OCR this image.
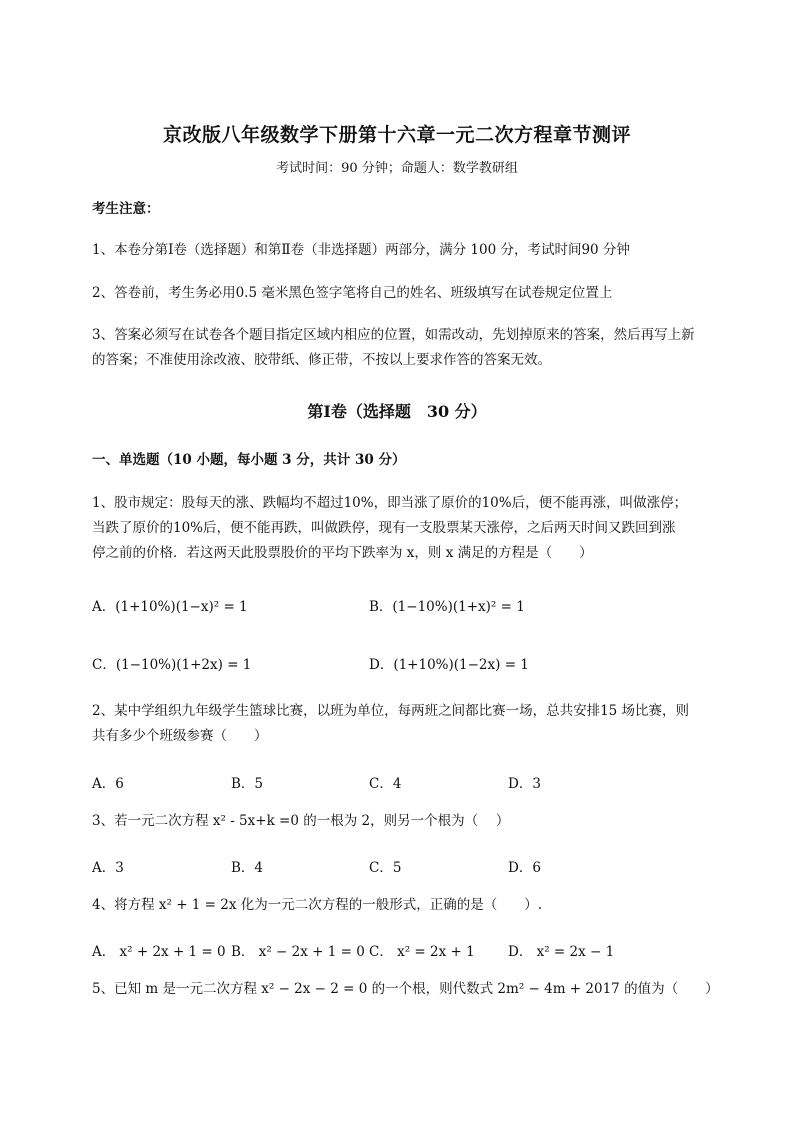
京改版八年级数学下册第十六章一元二次方程章节测评
考试时间：90 分钟；命题人：数学教研组
考生注意：
1、本卷分第Ⅰ卷（选择题）和第Ⅱ卷（非选择题）两部分，满分 100 分，考试时间90 分钟
2、答卷前，考生务必用0.5 毫米黑色签字笔将自己的姓名、班级填写在试卷规定位置上
3、答案必须写在试卷各个题目指定区域内相应的位置，如需改动，先划掉原来的答案，然后再写上新
的答案；不准使用涂改液、胶带纸、修正带，不按以上要求作答的答案无效。
第Ⅰ卷（选择题　30 分）
一、单选题（10 小题，每小题 3 分，共计 30 分）
1、股市规定：股每天的涨、跌幅均不超过10%，即当涨了原价的10%后，便不能再涨，叫做涨停；
当跌了原价的10%后，便不能再跌，叫做跌停，现有一支股票某天涨停，之后两天时间又跌回到涨
停之前的价格．若这两天此股票股价的平均下跌率为 x，则 x 满足的方程是（　　）
A．(1+10%)(1−x)² = 1	B．(1−10%)(1+x)² = 1
C．(1−10%)(1+2x) = 1	D．(1+10%)(1−2x) = 1
2、某中学组织九年级学生篮球比赛，以班为单位，每两班之间都比赛一场，总共安排15 场比赛，则
共有多少个班级参赛（　　）
A．6	B．5	C．4	D．3
3、若一元二次方程 x² - 5x+k =0 的一根为 2，则另一个根为（　 ）
A．3	B．4	C．5	D．6
4、将方程 x² + 1 = 2x 化为一元二次方程的一般形式，正确的是（　　）.
A． x² + 2x + 1 = 0 B． x² − 2x + 1 = 0 C． x² = 2x + 1 D． x² = 2x − 1
5、已知 m 是一元二次方程 x² − 2x − 2 = 0 的一个根，则代数式 2m² − 4m + 2017 的值为（　　）
